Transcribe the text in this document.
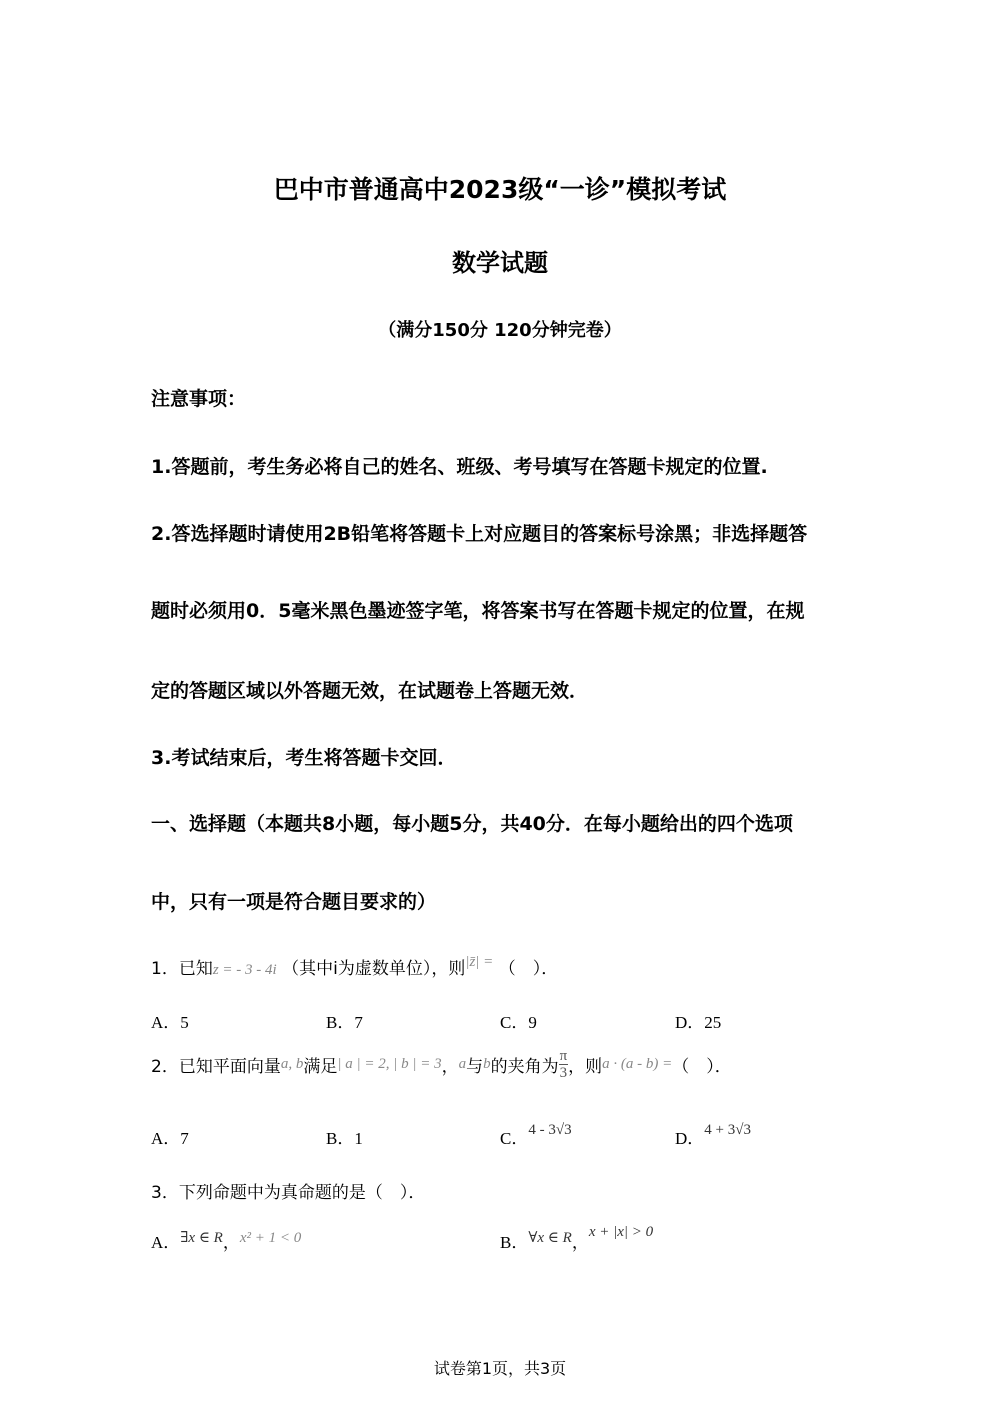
巴中市普通高中2023级“一诊”模拟考试
数学试题
（满分150分 120分钟完卷）
注意事项：
1.答题前，考生务必将自己的姓名、班级、考号填写在答题卡规定的位置.
2.答选择题时请使用2B铅笔将答题卡上对应题目的答案标号涂黑；非选择题答
题时必须用0．5毫米黑色墨迹签字笔，将答案书写在答题卡规定的位置，在规
定的答题区域以外答题无效，在试题卷上答题无效．
3.考试结束后，考生将答题卡交回．
一、选择题（本题共8小题，每小题5分，共40分．在每小题给出的四个选项
中，只有一项是符合题目要求的）
1．已知z = - 3 - 4i （其中i为虚数单位），则|z̄| = （　）．
A．5	B．7	C．9	D．25
2．已知平面向量a, b满足| a | = 2, | b | = 3，a与b的夹角为 $\frac{\pi}{3}$ ，则a · (a - b) =（　）．
A．7	B．1	C．4 - 3√3	D．4 + 3√3
3．下列命题中为真命题的是（　）．
A．∃x ∈ R，x² + 1 < 0	B．∀x ∈ R，x + |x| > 0
试卷第1页，共3页
